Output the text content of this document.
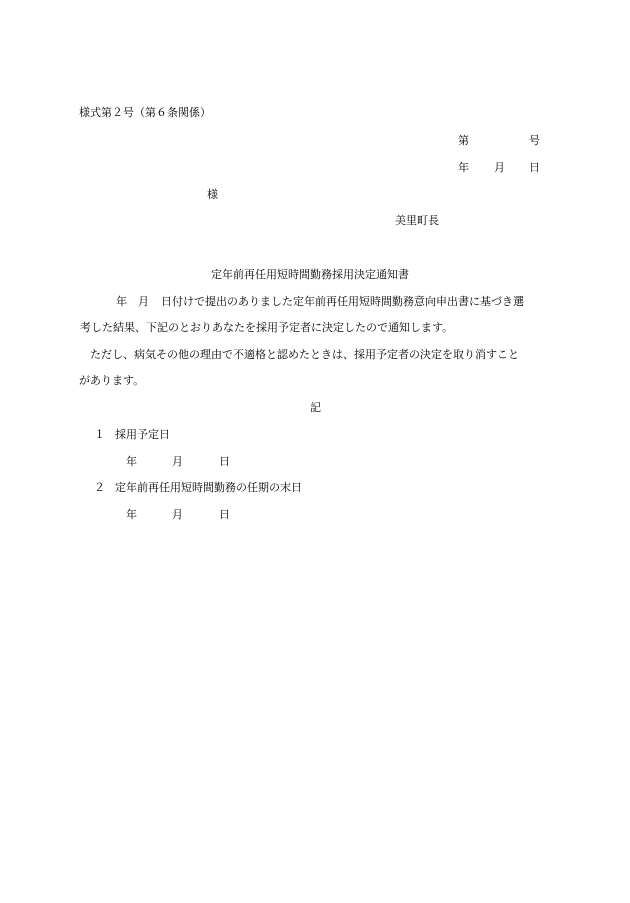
様式第２号（第６条関係）
第	号
年 月 日
様
美里町長
定年前再任用短時間勤務採用決定通知書
年 月 日付けで提出のありました定年前再任用短時間勤務意向申出書に基づき選
考した結果、下記のとおりあなたを採用予定者に決定したので通知します。
ただし、病気その他の理由で不適格と認めたときは、採用予定者の決定を取り消すこと
があります。
記
１ 採用予定日
年	月	日
２ 定年前再任用短時間勤務の任期の末日
年	月	日
